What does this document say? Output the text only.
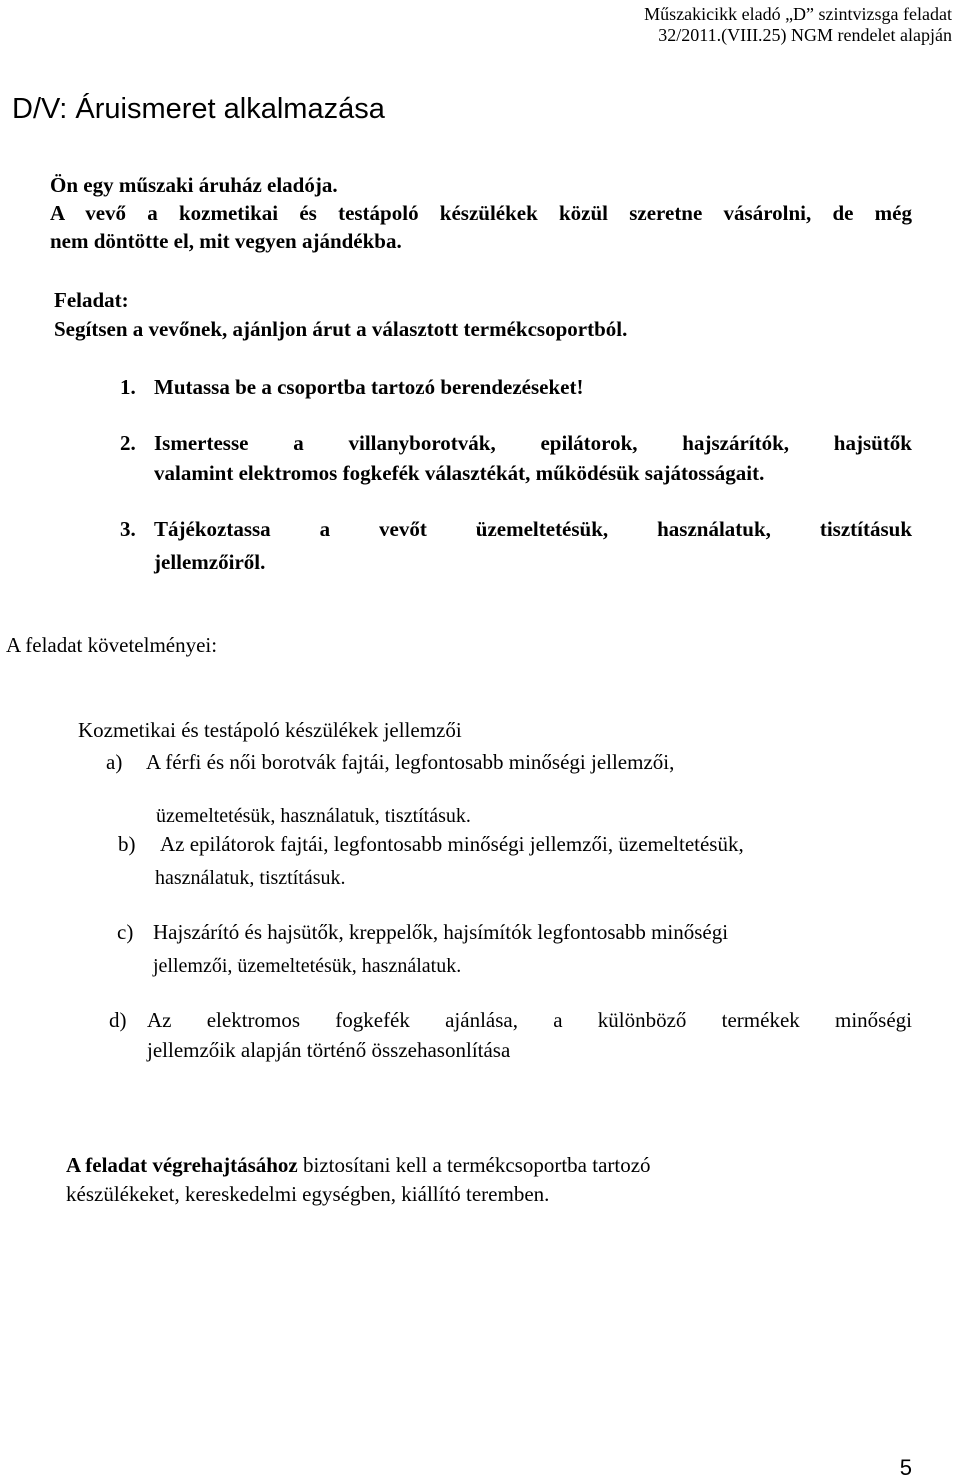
Műszakicikk eladó „D” szintvizsga feladat
32/2011.(VIII.25) NGM rendelet alapján
D/V: Áruismeret alkalmazása
Ön egy műszaki áruház eladója.
A vevő a kozmetikai és testápoló készülékek közül szeretne vásárolni, de még
nem döntötte el, mit vegyen ajándékba.
Feladat:
Segítsen a vevőnek, ajánljon árut a választott termékcsoportból.
1. Mutassa be a csoportba tartozó berendezéseket!
2. Ismertesse a villanyborotvák, epilátorok, hajszárítók, hajsütők
valamint elektromos fogkefék választékát, működésük sajátosságait.
3. Tájékoztassa a vevőt üzemeltetésük, használatuk, tisztításuk
jellemzőiről.
A feladat követelményei:
Kozmetikai és testápoló készülékek jellemzői
a) A férfi és női borotvák fajtái, legfontosabb minőségi jellemzői,
üzemeltetésük, használatuk, tisztításuk.
b) Az epilátorok fajtái, legfontosabb minőségi jellemzői, üzemeltetésük,
használatuk, tisztításuk.
c) Hajszárító és hajsütők, kreppelők, hajsímítók legfontosabb minőségi
jellemzői, üzemeltetésük, használatuk.
d) Az elektromos fogkefék ajánlása, a különböző termékek minőségi
jellemzőik alapján történő összehasonlítása
A feladat végrehajtásához biztosítani kell a termékcsoportba tartozó
készülékeket, kereskedelmi egységben, kiállító teremben.
5
